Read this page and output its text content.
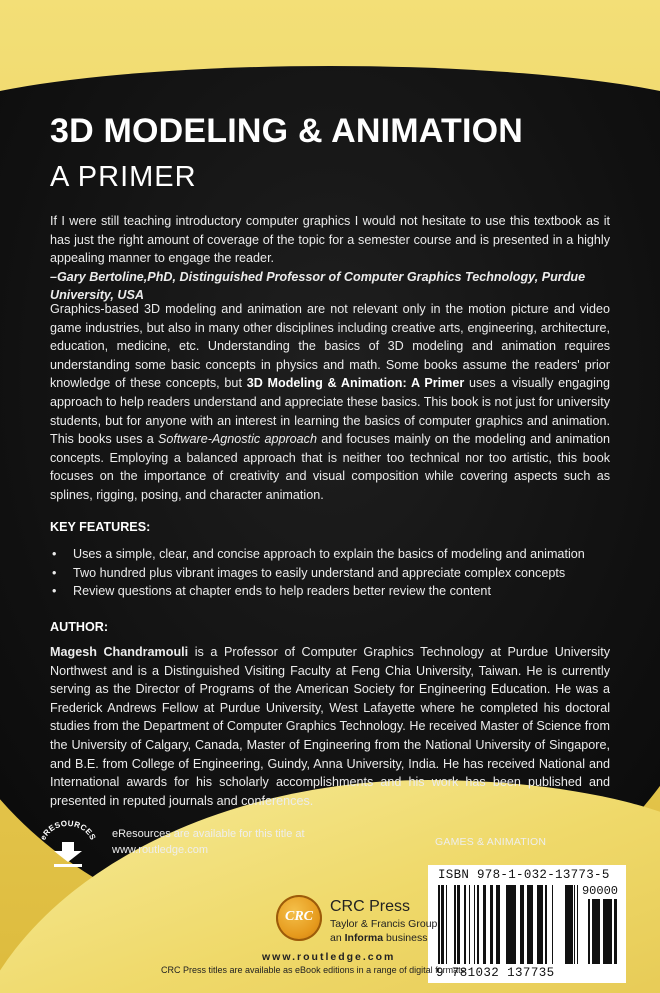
3D MODELING & ANIMATION
A PRIMER
If I were still teaching introductory computer graphics I would not hesitate to use this textbook as it has just the right amount of coverage of the topic for a semester course and is presented in a highly appealing manner to engage the reader.
–Gary Bertoline,PhD, Distinguished Professor of Computer Graphics Technology, Purdue University, USA
Graphics-based 3D modeling and animation are not relevant only in the motion picture and video game industries, but also in many other disciplines including creative arts, engineering, architecture, education, medicine, etc. Understanding the basics of 3D modeling and animation requires understanding some basic concepts in physics and math. Some books assume the readers' prior knowledge of these concepts, but 3D Modeling & Animation: A Primer uses a visually engaging approach to help readers understand and appreciate these basics. This book is not just for university students, but for anyone with an interest in learning the basics of computer graphics and animation. This books uses a Software-Agnostic approach and focuses mainly on the modeling and animation concepts. Employing a balanced approach that is neither too technical nor too artistic, this book focuses on the importance of creativity and visual composition while covering aspects such as splines, rigging, posing, and character animation.
KEY FEATURES:
• Uses a simple, clear, and concise approach to explain the basics of modeling and animation
• Two hundred plus vibrant images to easily understand and appreciate complex concepts
• Review questions at chapter ends to help readers better review the content
AUTHOR:
Magesh Chandramouli is a Professor of Computer Graphics Technology at Purdue University Northwest and is a Distinguished Visiting Faculty at Feng Chia University, Taiwan. He is currently serving as the Director of Programs of the American Society for Engineering Education. He was a Frederick Andrews Fellow at Purdue University, West Lafayette where he completed his doctoral studies from the Department of Computer Graphics Technology. He received Master of Science from the University of Calgary, Canada, Master of Engineering from the National University of Singapore, and B.E. from College of Engineering, Guindy, Anna University, India. He has received National and International awards for his scholarly accomplishments and his work has been published and presented in reputed journals and conferences.
eRESOURCES eResources are available for this title at
www.routledge.com
GAMES & ANIMATION
ISBN 978-1-032-13773-5
90000
9 781032 137735
CRC
CRC Press
Taylor & Francis Group
an Informa business
www.routledge.com
CRC Press titles are available as eBook editions in a range of digital formats
